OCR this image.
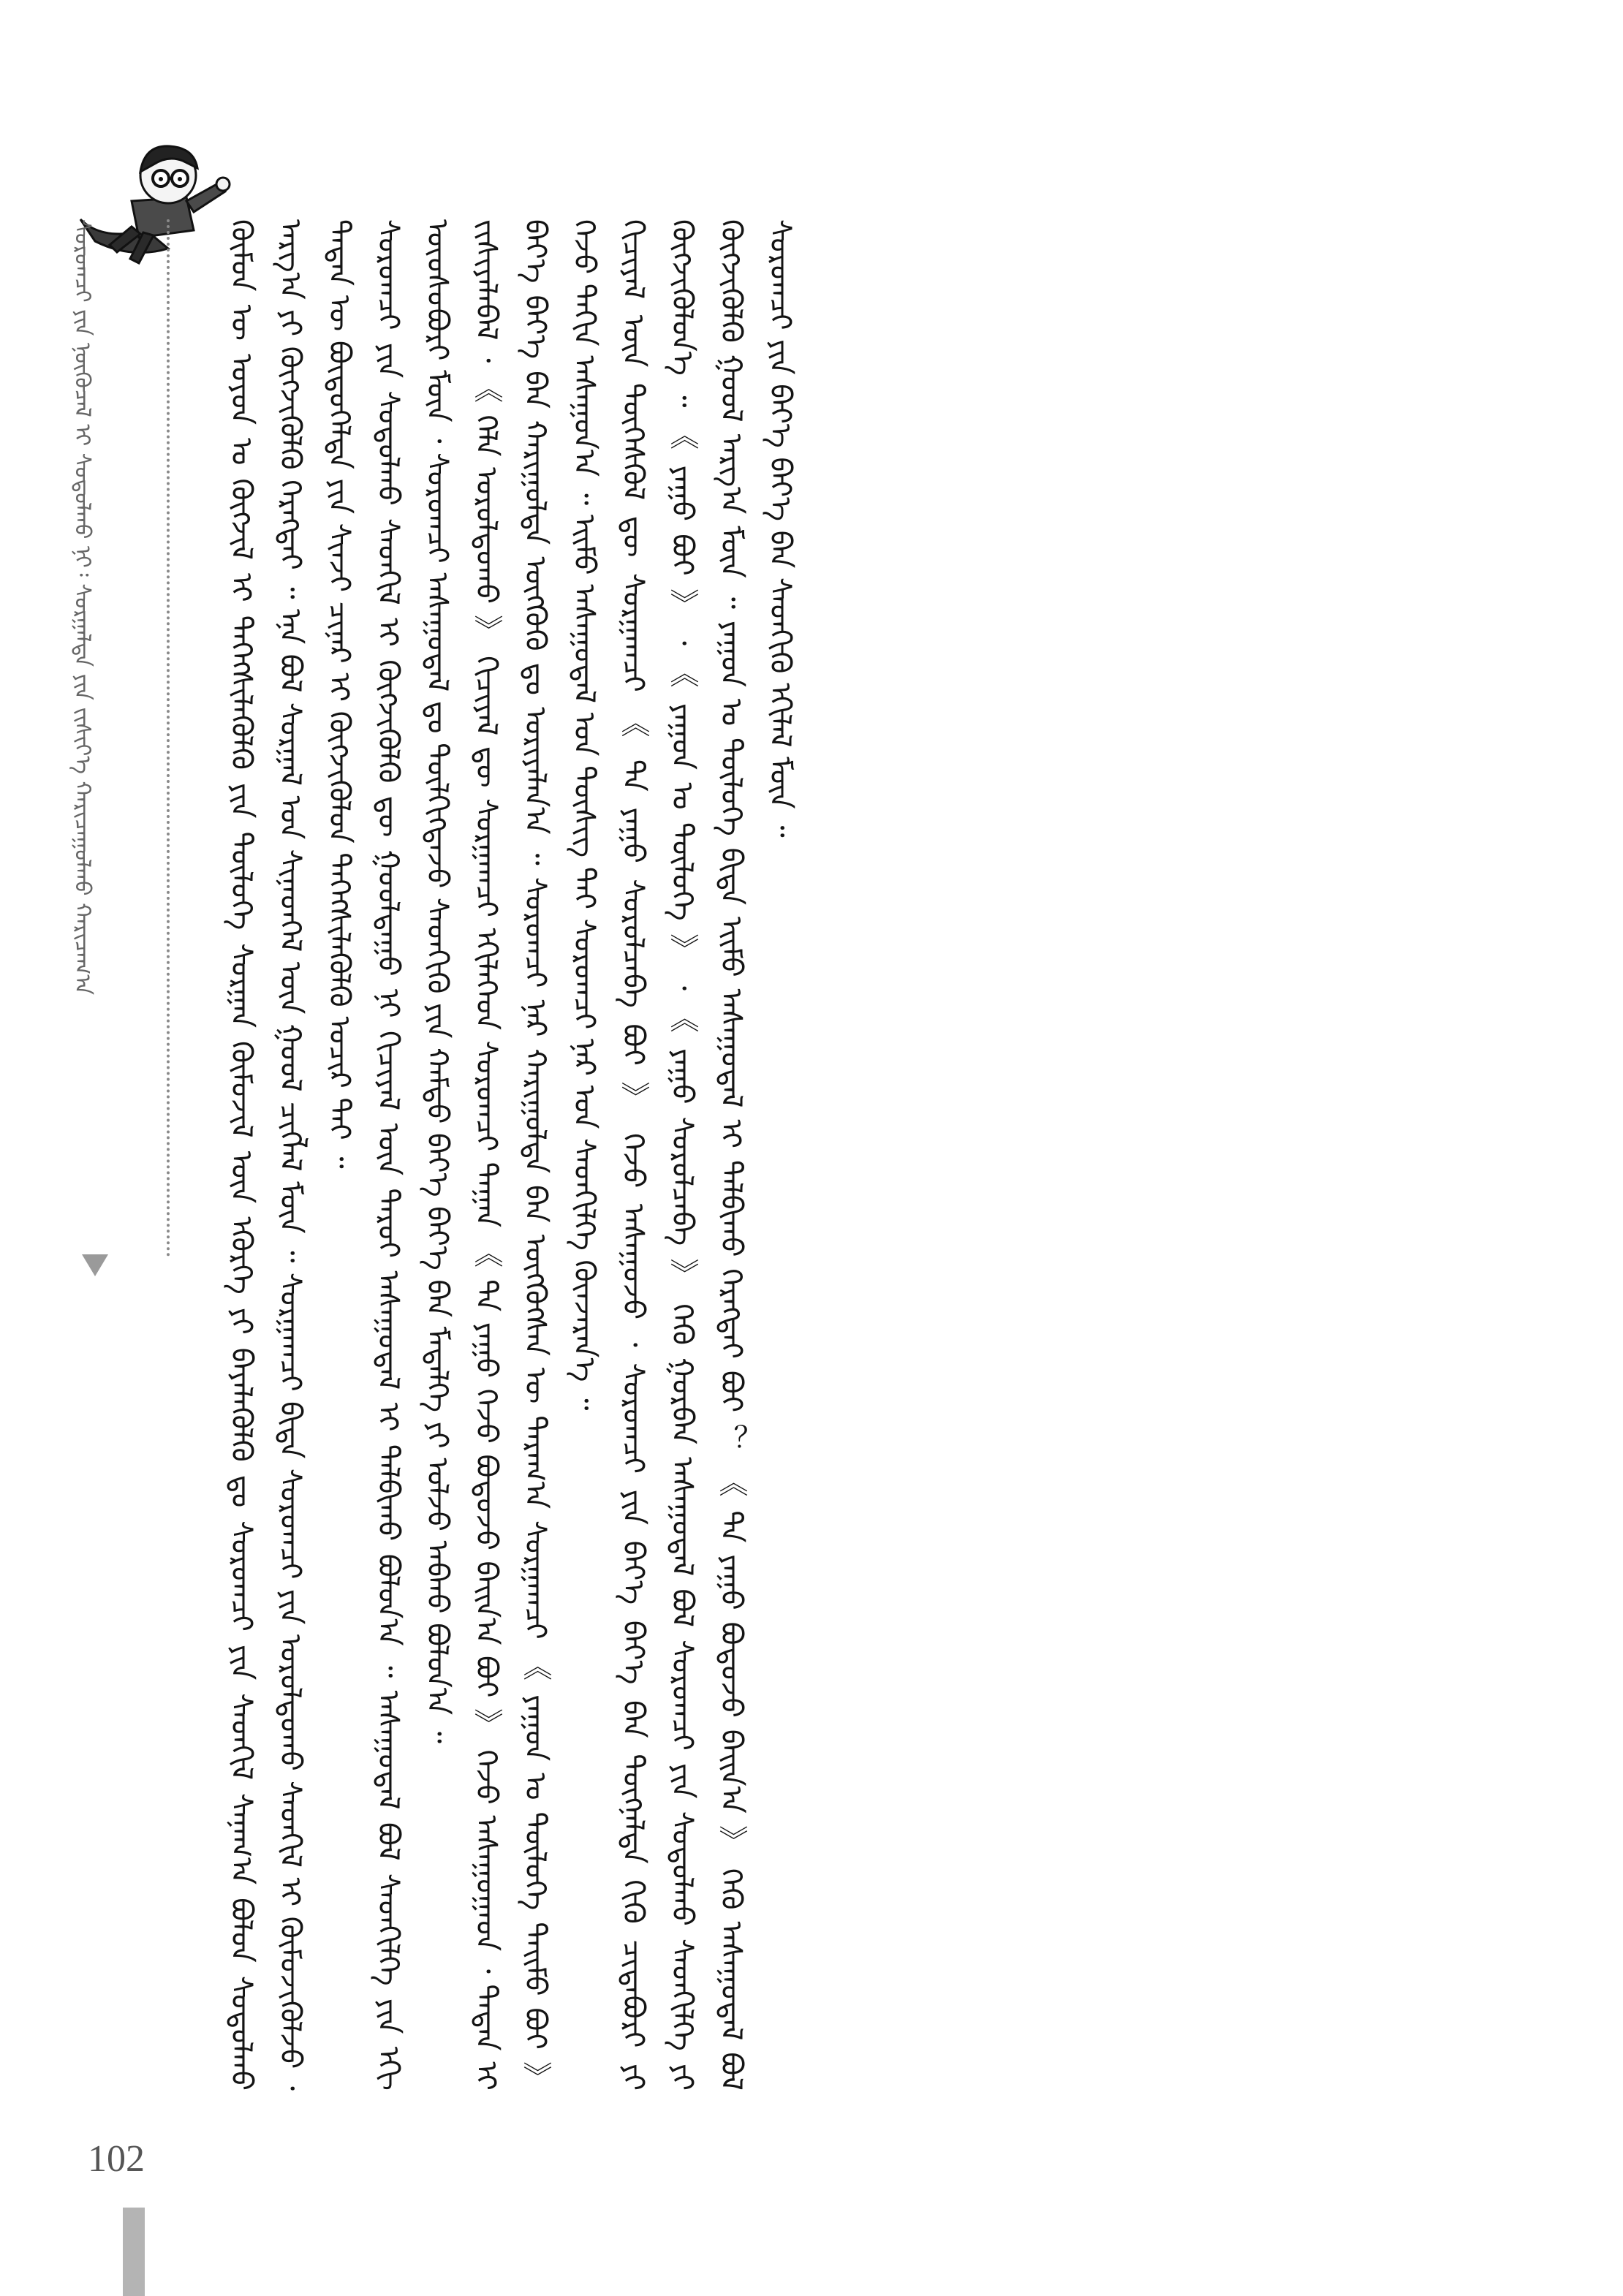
ᠰᠤᠷᠤᠭᠴᠢ ᠶᠢᠨ ᠨᠥᠬᠥᠴᠡᠯ ᠢ ᠰᠤᠳᠤᠯᠬᠤ ᠨᠢ᠄ ᠰᠤᠷᠭᠠᠯᠲᠠ ᠶᠢᠨ ᠵᠢᠱᠢᠶ᠎ᠡ ᠬᠠᠷᠢᠴᠠᠭᠤᠯᠬᠤ ᠬᠠᠷᠢᠴᠠᠭ᠎ᠠ	ᠬᠦᠮᠦᠨ ᠦ ᠤᠶᠤᠨ ᠤ ᠬᠥᠭᠵᠢᠯ ᠢ ᠳᠡᠭᠡᠭᠰᠢᠯᠡᠭᠦᠯᠬᠦ ᠶᠢᠨ ᠲᠥᠯᠥᠭᠡ ᠰᠤᠷᠭᠠᠨ ᠬᠥᠮᠦᠵᠢᠯ ᠦᠨ ᠡᠭᠦᠷᠭᠡ ᠶᠢ ᠪᠡᠶᠡᠯᠡᠭᠦᠯᠬᠦ ᠳᠤ ᠰᠤᠷᠤᠭᠴᠢ ᠶᠢᠨ ᠰᠡᠳᠬᠢᠯ ᠰᠠᠨᠠᠭ᠎ᠠ ᠪᠣᠯᠤᠨ ᠰᠤᠳᠤᠯᠬᠤ ᠠᠷᠭ᠎ᠠ ᠶᠢ ᠬᠥᠭᠵᠢᠭᠦᠯᠬᠦ ᠬᠡᠷᠡᠭᠲᠡᠢ ᠃ ᠡᠨᠡ ᠪᠣᠯ ᠰᠤᠷᠭᠠᠯ ᠤᠨ ᠰᠢᠨᠡᠳᠭᠡᠯ ᠦᠨ ᠭᠣᠣᠯ ᠴᠢᠭᠯᠡᠯ ᠮᠥᠨ ᠃ ᠰᠤᠷᠭᠠᠭᠴᠢ ᠪᠢᠳᠡ ᠰᠤᠷᠤᠭᠴᠢ ᠶᠢᠨ ᠤᠷᠤᠯᠳᠤᠬᠤ ᠰᠡᠳᠬᠢᠯ ᠢ ᠬᠦᠮᠦᠵᠢᠭᠦᠯᠵᠦ ᠂ ᠲᠡᠳᠡᠨ ᠦ ᠪᠦᠲᠦᠭᠡᠯᠲᠡ ᠶᠢᠨ ᠰᠢᠨᠵᠢ ᠴᠢᠨᠠᠷ ᠢ ᠬᠥᠭᠵᠢᠭᠦᠯᠦᠨ ᠳᠡᠭᠡᠭᠰᠢᠯᠡᠭᠦᠯᠬᠦ ᠤᠴᠢᠷ ᠲᠠᠢ ᠃ ᠰᠤᠷᠤᠭᠴᠢ ᠶᠢᠨ ᠰᠤᠳᠤᠯᠬᠤ ᠰᠡᠳᠬᠢᠯ ᠢ ᠬᠥᠭᠵᠢᠭᠦᠯᠬᠦ ᠳᠦ ᠭᠣᠣᠯᠳᠠᠭᠤ ᠨᠢ ᠬᠢᠴᠢᠶᠡᠯ ᠦᠨ ᠳᠠᠷᠤᠢ ᠠᠰᠠᠭᠤᠳᠠᠯ ᠢ ᠲᠠᠯᠪᠢᠬᠤ ᠪᠣᠯᠤᠨ᠎ᠠ ᠃ ᠠᠰᠠᠭᠤᠳᠠᠯ ᠪᠣᠯ ᠰᠡᠳᠬᠢᠯᠭᠡ ᠶᠢᠨ ᠡᠬᠢ ᠦᠦᠰᠦᠪᠦᠷᠢ ᠮᠥᠨ ᠂ ᠰᠤᠷᠤᠭᠴᠢ ᠠᠰᠠᠭᠤᠳᠠᠯ ᠳᠤ ᠲᠦᠯᠬᠢᠭᠳᠡᠵᠦ ᠰᠡᠳᠬᠢᠬᠦ ᠶᠢᠨ ᠬᠠᠮᠲᠤ ᠪᠡᠶ᠎ᠡ ᠪᠡᠶ᠎ᠡ ᠪᠡᠨ ᠮᠡᠳᠡᠯᠭᠡ ᠶᠢ ᠣᠯᠵᠤ ᠠᠪᠬᠤ ᠪᠣᠯᠤᠨ᠎ᠠ ᠃ ᠵᠢᠱᠢᠶᠡᠯᠡᠪᠡᠯ ᠂ 《 ᠬᠡᠯᠡ ᠤᠷᠤᠯᠳᠤᠬᠤ 》 ᠬᠢᠴᠢᠶᠡᠯ ᠳᠦ ᠰᠤᠷᠭᠠᠭᠴᠢ ᠡᠬᠢᠯᠡᠭᠡᠳ ᠰᠤᠷᠤᠭᠴᠢ ᠳᠠᠭᠠᠨ 《 ᠲᠠ ᠶᠠᠭᠤ ᠭᠡᠵᠦ ᠪᠣᠳᠤᠵᠤ ᠪᠠᠢᠨ᠎ᠠ ᠪᠤᠢ 》 ᠭᠡᠵᠦ ᠠᠰᠠᠭᠤᠭᠠᠳ ᠂ ᠲᠡᠳᠡᠨ ᠢ ᠪᠡᠶ᠎ᠡ ᠪᠡᠶ᠎ᠡ ᠪᠡᠨ ᠬᠠᠷᠢᠭᠤᠯᠲᠠ ᠥᠭᠭᠦᠬᠦ ᠳᠤ ᠤᠷᠢᠶᠠᠯᠠᠨ᠎ᠠ ᠃ ᠰᠤᠷᠤᠭᠴᠢ ᠨᠠᠷ ᠬᠠᠷᠢᠭᠤᠯᠲᠠ ᠪᠡᠨ ᠥᠭᠭᠦᠭᠰᠡᠨ ᠦ ᠳᠠᠷᠠᠭ᠎ᠠ ᠰᠤᠷᠭᠠᠭᠴᠢ 《 ᠶᠠᠭᠤᠨ ᠤ ᠲᠥᠯᠥᠭᠡ ᠲᠡᠢᠮᠦ ᠪᠣᠢ 》 ᠭᠡᠵᠦ ᠳᠠᠬᠢᠨ ᠠᠰᠠᠭᠤᠨ᠎ᠠ ᠃ ᠡᠢᠮᠦ ᠠᠰᠠᠭᠤᠳᠠᠯ ᠤᠨ ᠲᠦᠰᠢᠭ ᠲᠡᠢ ᠰᠤᠷᠤᠭᠴᠢ ᠨᠠᠷ ᠤᠨ ᠰᠡᠳᠬᠢᠯᠭᠡ ᠭᠦᠨᠵᠡᠷᠡᠨ᠎ᠡ ᠃ ᠬᠢᠴᠢᠶᠡᠯ ᠦᠨ ᠲᠥᠭᠡᠰᠬᠦᠯ ᠳᠦ ᠰᠤᠷᠭᠠᠭᠴᠢ 《 ᠲᠠ ᠶᠠᠭᠤ ᠰᠤᠷᠤᠯᠴᠠᠪᠠ ᠪᠤᠢ 》 ᠭᠡᠵᠦ ᠠᠰᠠᠭᠤᠵᠤ ᠂ ᠰᠤᠷᠤᠭᠴᠢ ᠶᠢᠨ ᠪᠡᠶ᠎ᠡ ᠪᠡᠶ᠎ᠡ ᠪᠡᠨ ᠳᠦᠭᠨᠡᠯᠲᠡ ᠬᠢᠬᠦ ᠴᠢᠳᠠᠪᠤᠷᠢ ᠶᠢ ᠬᠥᠭᠵᠢᠭᠦᠯᠦᠨ᠎ᠡ ᠃ 《 ᠶᠠᠭᠤ ᠪᠣᠢ 》 ᠂ 《 ᠶᠠᠭᠤᠨ ᠤ ᠲᠥᠯᠥᠭᠡ 》 ᠂ 《 ᠶᠠᠭᠤ ᠰᠤᠷᠤᠯᠴᠠᠪᠠ 》 ᠭᠡᠬᠦ ᠭᠤᠷᠪᠠᠨ ᠠᠰᠠᠭᠤᠳᠠᠯ ᠪᠣᠯ ᠰᠤᠷᠤᠭᠴᠢ ᠶᠢᠨ ᠰᠤᠳᠤᠯᠬᠤ ᠰᠡᠳᠬᠢᠯᠭᠡ ᠶᠢ ᠬᠥᠭᠵᠢᠭᠦᠯᠬᠦ ᠭᠣᠣᠯ ᠠᠷᠭ᠎ᠠ ᠮᠥᠨ ᠃ ᠶᠠᠭᠤᠨ ᠤ ᠲᠥᠯᠥᠭᠡ ᠪᠢᠳᠡ ᠡᠢᠮᠦ ᠠᠰᠠᠭᠤᠳᠠᠯ ᠢ ᠲᠠᠯᠪᠢᠬᠤ ᠬᠡᠷᠡᠭᠲᠡᠢ ᠪᠤᠢ ？ 《 ᠲᠠ ᠶᠠᠭᠤ ᠪᠣᠳᠤᠵᠤ ᠪᠠᠢᠨ᠎ᠠ 》 ᠭᠡᠬᠦ ᠠᠰᠠᠭᠤᠳᠠᠯ ᠪᠣᠯ ᠰᠤᠷᠤᠭᠴᠢ ᠶᠢᠨ ᠪᠡᠶ᠎ᠡ ᠪᠡᠶ᠎ᠡ ᠪᠡᠨ ᠰᠡᠳᠬᠢᠬᠦ ᠡᠬᠢᠯᠡᠯ ᠮᠥᠨ ᠃

102
